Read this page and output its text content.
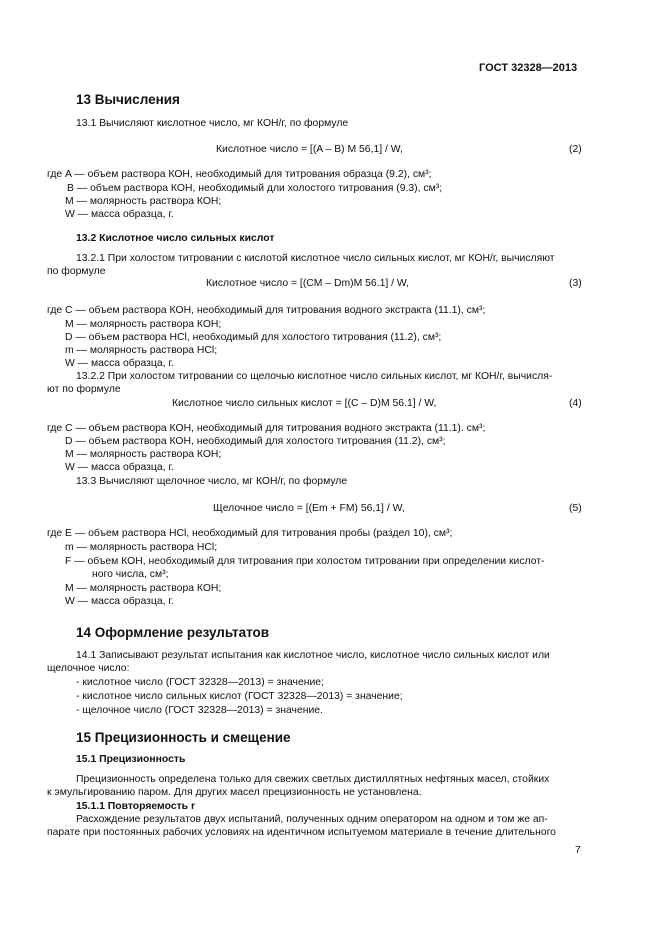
ГОСТ 32328—2013
13 Вычисления
13.1 Вычисляют кислотное число, мг КОН/г, по формуле
Кислотное число = [(A – B) M 56,1] / W,	(2)
где A — объем раствора КОН, необходимый для титрования образца (9.2), см³;
B — объем раствора КОН, необходимый дли холостого титрования (9.3), см³;
M — молярность раствора КОН;
W — масса образца, г.
13.2 Кислотное число сильных кислот
13.2.1 При холостом титровании с кислотой кислотное число сильных кислот, мг КОН/г, вычисляют
по формуле
Кислотное число = [(CM – Dm)M 56.1] / W,	(3)
где C — объем раствора КОН, необходимый для титрования водного экстракта (11.1), см³;
M — молярность раствора КОН;
D — объем раствора HCl, необходимый для холостого титрования (11.2), см³;
m — молярность раствора HCl;
W — масса образца, г.
13.2.2 При холостом титровании со щелочью кислотное число сильных кислот, мг КОН/г, вычисля-
ют по формуле
Кислотное число сильных кислот = [(C – D)M 56.1] / W,	(4)
где C — объем раствора КОН, необходимый для титрования водного экстракта (11.1). см³;
D — объем раствора КОН, необходимый для холостого титрования (11.2), см³;
M — молярность раствора КОН;
W — масса образца, г.
13.3 Вычисляют щелочное число, мг КОН/г, по формуле
Щелочное число = [(Em + FM) 56,1] / W,	(5)
где E — объем раствора HCl, необходимый для титрования пробы (раздел 10), см³;
m — молярность раствора HCl;
F — объем КОН, необходимый для титрования при холостом титровании при определении кислот-
ного числа, см³;
M — молярность раствора КОН;
W — масса образца, г.
14 Оформление результатов
14.1 Записывают результат испытания как кислотное число, кислотное число сильных кислот или
щелочное число:
- кислотное число (ГОСТ 32328—2013) = значение;
- кислотное число сильных кислот (ГОСТ 32328—2013) = значение;
- щелочное число (ГОСТ 32328—2013) = значение.
15 Прецизионность и смещение
15.1 Прецизионность
Прецизионность определена только для свежих светлых дистиллятных нефтяных масел, стойких
к эмульгированию паром. Для других масел прецизионность не установлена.
15.1.1 Повторяемость r
Расхождение результатов двух испытаний, полученных одним оператором на одном и том же ап-
парате при постоянных рабочих условиях на идентичном испытуемом материале в течение длительного
7
